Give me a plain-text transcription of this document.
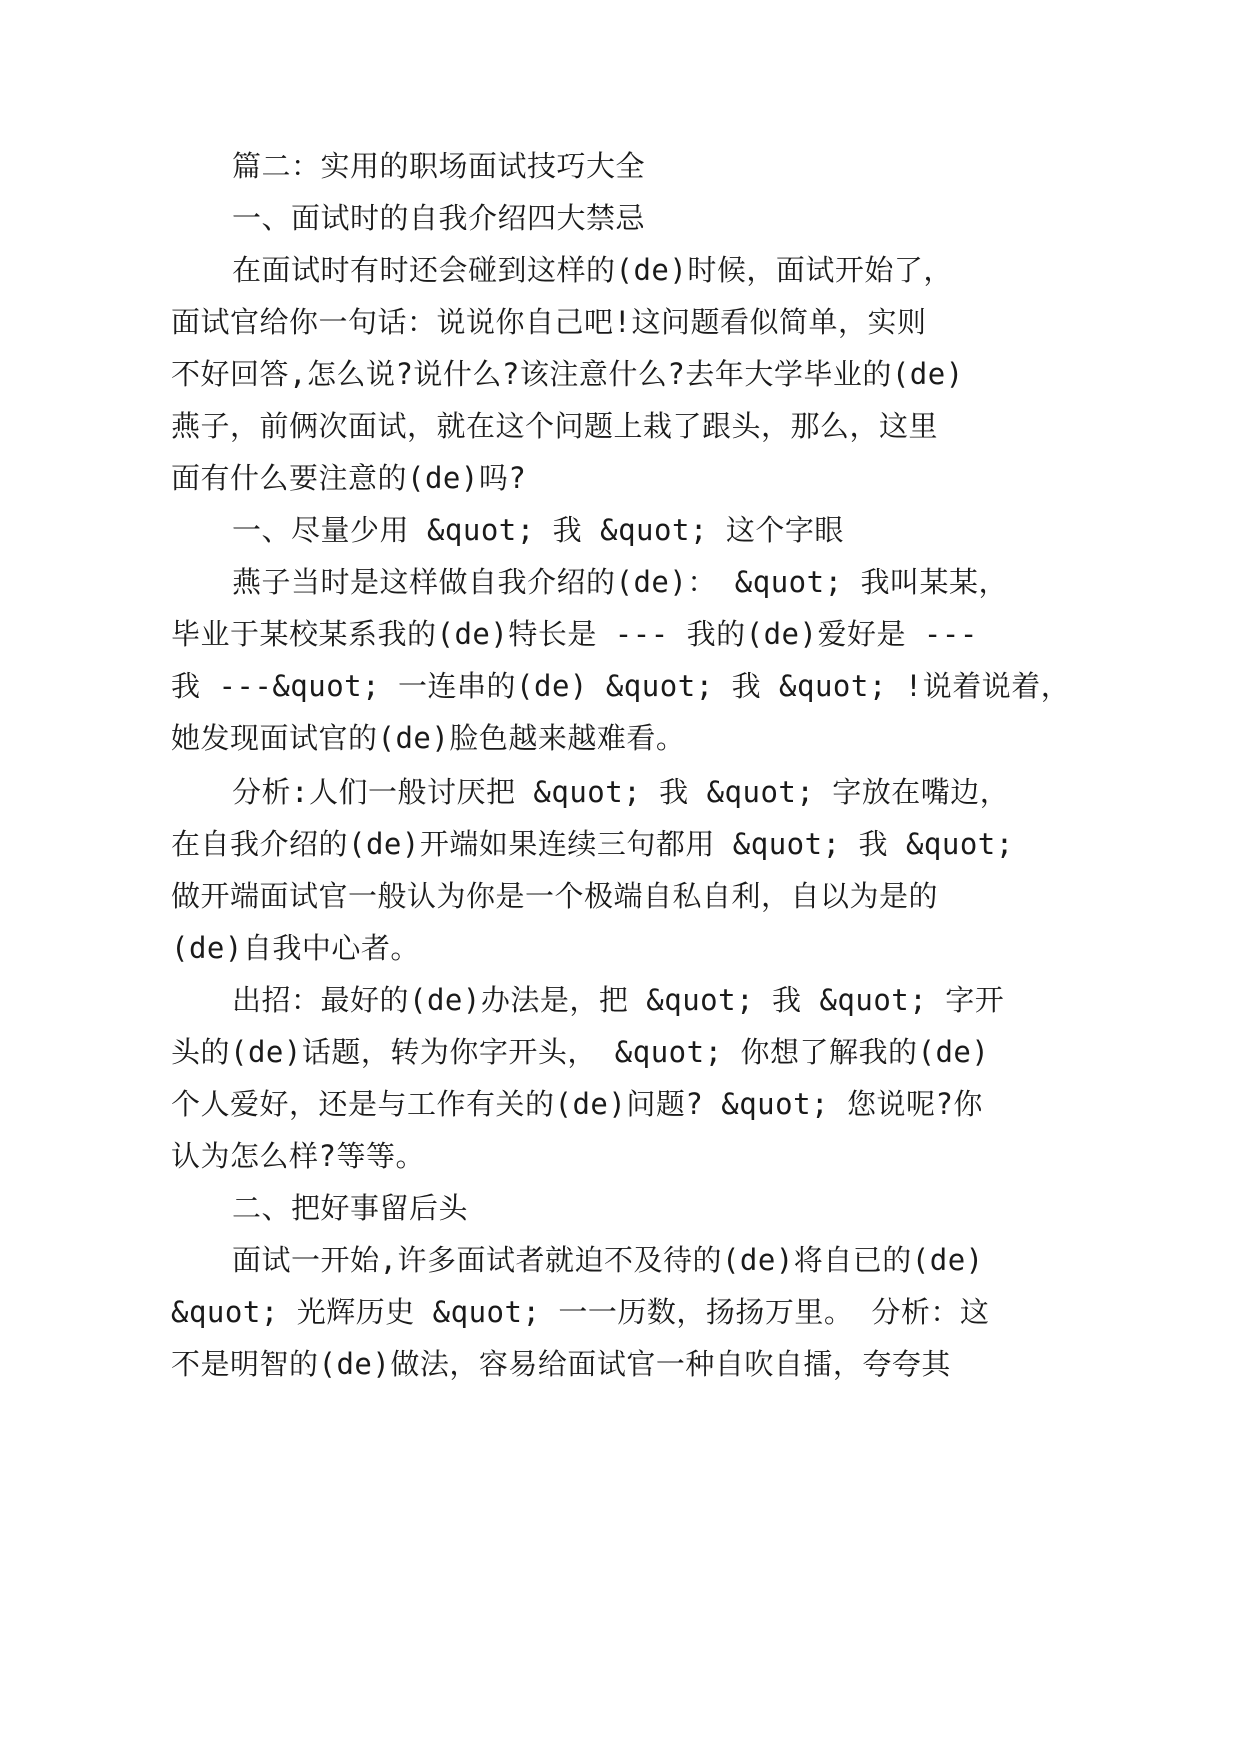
篇二：实用的职场面试技巧大全
一、面试时的自我介绍四大禁忌
在面试时有时还会碰到这样的(de)时候，面试开始了，
面试官给你一句话：说说你自己吧!这问题看似简单，实则
不好回答,怎么说?说什么?该注意什么?去年大学毕业的(de)
燕子，前俩次面试，就在这个问题上栽了跟头，那么，这里
面有什么要注意的(de)吗?
一、尽量少用 &quot; 我 &quot; 这个字眼
燕子当时是这样做自我介绍的(de)： &quot; 我叫某某，
毕业于某校某系我的(de)特长是 --- 我的(de)爱好是 ---
我 ---&quot; 一连串的(de) &quot; 我 &quot; !说着说着，
她发现面试官的(de)脸色越来越难看。
分析:人们一般讨厌把 &quot; 我 &quot; 字放在嘴边，
在自我介绍的(de)开端如果连续三句都用 &quot; 我 &quot;
做开端面试官一般认为你是一个极端自私自利，自以为是的
(de)自我中心者。
出招：最好的(de)办法是，把 &quot; 我 &quot; 字开
头的(de)话题，转为你字开头， &quot; 你想了解我的(de)
个人爱好，还是与工作有关的(de)问题? &quot; 您说呢?你
认为怎么样?等等。
二、把好事留后头
面试一开始,许多面试者就迫不及待的(de)将自已的(de)
&quot; 光辉历史 &quot; 一一历数，扬扬万里。 分析：这
不是明智的(de)做法，容易给面试官一种自吹自擂，夸夸其
